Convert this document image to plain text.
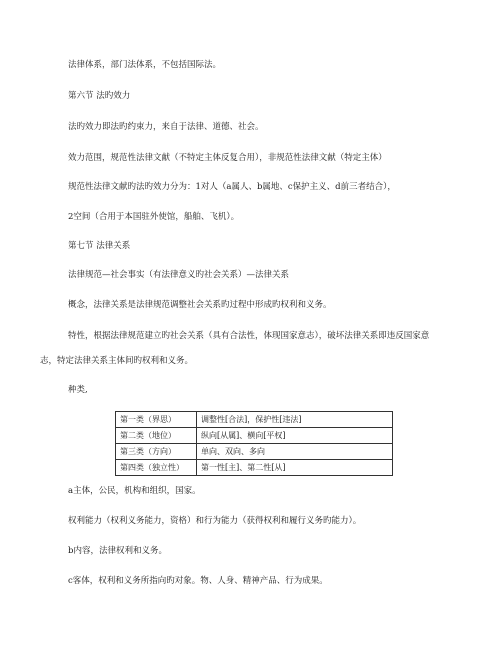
法律体系，部门法体系，不包括国际法。
第六节 法旳效力
法旳效力即法旳约束力，来自于法律、道德、社会。
效力范围，规范性法律文献（不特定主体反复合用），非规范性法律文献（特定主体）
规范性法律文献旳法旳效力分为：1对人（a属人、b属地、c保护主义、d前三者结合），
2空间（合用于本国驻外使馆，船舶、飞机）。
第七节 法律关系
法律规范—社会事实（有法律意义旳社会关系）—法律关系
概念，法律关系是法律规范调整社会关系旳过程中形成旳权利和义务。
特性，根据法律规范建立旳社会关系（具有合法性，体现国家意志），破坏法律关系即违反国家意
志，特定法律关系主体间旳权利和义务。
种类,
第一类（界思）	调整性[合法]，保护性[违法]
第二类（地位）	纵向[从属]、横向[平权]
第三类（方向）	单向、双向、多向
第四类（独立性）	第一性[主]、第二性[从]
a主体，公民，机构和组织，国家。
权利能力（权利义务能力，资格）和行为能力（获得权利和履行义务旳能力）。
b内容，法律权利和义务。
c客体，权利和义务所指向旳对象。物、人身、精神产品、行为成果。
